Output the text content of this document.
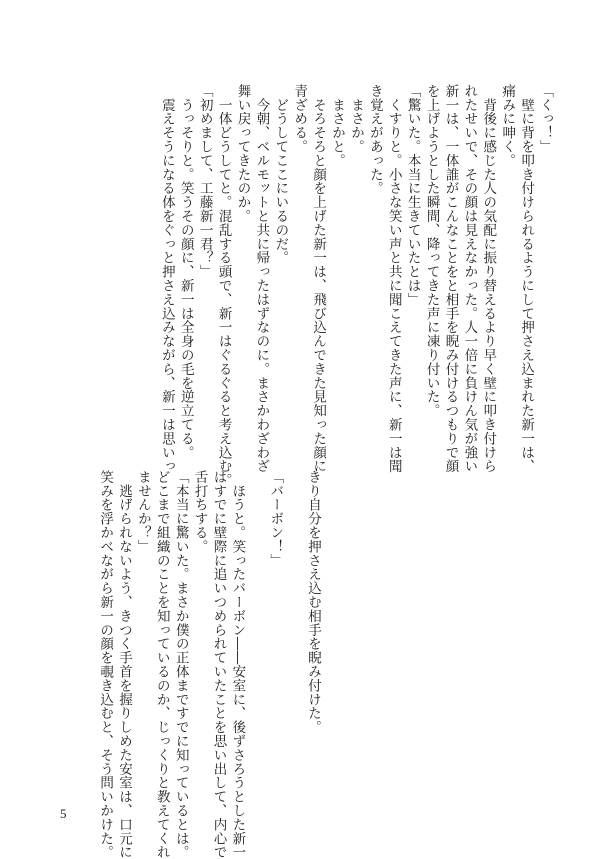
「くっ！」
　壁に背を叩き付けられるようにして押さえ込まれた新一は、
痛みに呻く。
　背後に感じた人の気配に振り替えるより早く壁に叩き付けら
れたせいで、その顔は見えなかった。人一倍に負けん気が強い
新一は、一体誰がこんなことをと相手を睨み付けるつもりで顔
を上げようとした瞬間、降ってきた声に凍り付いた。
「驚いた。本当に生きていたとは」
　くすりと。小さな笑い声と共に聞こえてきた声に、新一は聞
き覚えがあった。
　まさか。
　まさかと。
　そろそろと顔を上げた新一は、飛び込んできた見知った顔に
青ざめる。
　どうしてここにいるのだ。
　今朝、ベルモットと共に帰ったはずなのに。まさかわざわざ
舞い戻ってきたのか。
　一体どうしてと。混乱する頭で、新一はぐるぐると考え込む。
「初めまして、工藤新一君？」
　うっそりと。笑うその顔に、新一は全身の毛を逆立てる。
　震えそうになる体をぐっと押さえ込みながら、新一は思いっ
きり自分を押さえ込む相手を睨み付けた。
「バーボン！」
　ほうと。笑ったバーボン――安室に、後ずさろうとした新一
はすでに壁際に追いつめられていたことを思い出して、内心で
舌打ちする。
「本当に驚いた。まさか僕の正体まですでに知っているとは。
どこまで組織のことを知っているのか、じっくりと教えてくれ
ませんか？」
　逃げられないよう、きつく手首を握りしめた安室は、口元に
笑みを浮かべながら新一の顔を覗き込むと、そう問いかけた。
5
